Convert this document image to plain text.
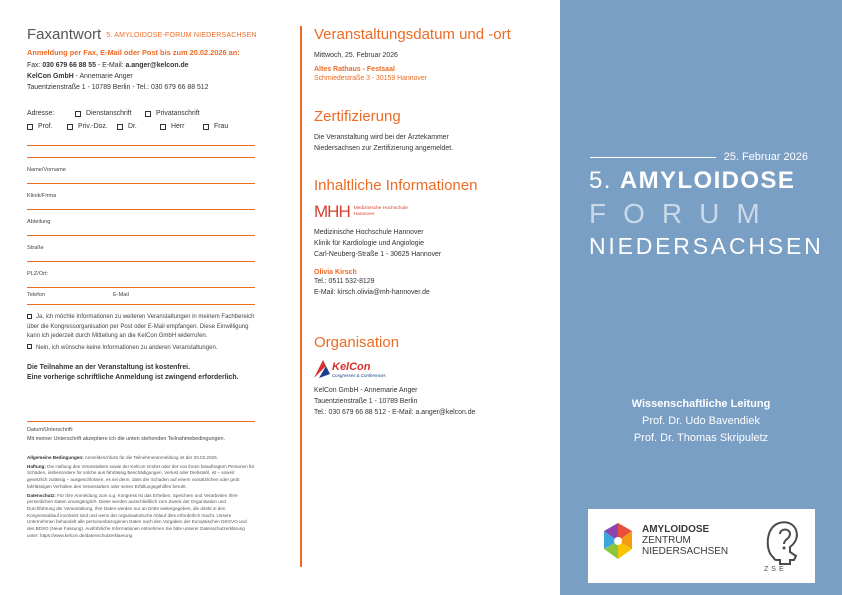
Faxantwort 5. AMYLOIDOSE-FORUM NIEDERSACHSEN
Anmeldung per Fax, E-Mail oder Post bis zum 20.02.2026 an:
Fax: 030 679 66 88 55 - E-Mail: a.anger@kelcon.de
KelCon GmbH - Annemarie Anger
Tauentzienstraße 1 - 10789 Berlin - Tel.: 030 679 66 88 512
Adresse:	Dienstanschrift	Privatanschrift
Prof.	Priv.-Doz.	Dr.	Herr	Frau
Name/Vorname
Klinik/Firma
Abteilung
Straße
PLZ/Ort:
Telefon	E-Mail
Ja, ich möchte Informationen zu weiteren Veranstaltungen in meinem Fachbereich über die Kongressorganisation per Post oder E-Mail empfangen. Diese Einwilligung kann ich jederzeit durch Mitteilung an die KelCon GmbH widerrufen.
Nein, ich wünsche keine Informationen zu anderen Veranstaltungen.
Die Teilnahme an der Veranstaltung ist kostenfrei.
Eine vorherige schriftliche Anmeldung ist zwingend erforderlich.
Datum/Unterschrift:
Mit meiner Unterschrift akzeptiere ich die unten stehenden Teilnahmebedingungen.

Allgemeine Bedingungen: Anmeldeschluss für die Teilnehmeranmeldung ist der 20.02.2026.

Haftung: Die Haftung des Veranstalters sowie der KelCon GmbH oder der von ihnen beauftragten Personen für Schäden, insbesondere für solche aus fahrlässig Beschädigungen, Verlust oder Diebstahl, ist – soweit gesetzlich zulässig – ausgeschlossen, es sei denn, dass der Schaden auf einem vorsätzlichen oder grob fahrlässigen Verhalten des Veranstalters oder seiner Erfüllungsgehilfen beruht.

Datenschutz: Für Ihre Anmeldung zum o.g. Kongress ist das Erheben, Speichern und Verarbeiten Ihrer persönlichen Daten unumgänglich. Diese werden ausschließlich zum Zweck der Organisation und Durchführung der Veranstaltung. Ihre Daten werden nur an Dritte weitergegeben, die direkt in den Kongressablauf involviert sind und wenn der organisatorische Ablauf dies erforderlich macht. Unsere Unternehmen behandelt alle personenbezogenen Daten nach den Vorgaben der Europäischen DSGVO und des BDSG (Neue Fassung). Ausführliche Informationen entnehmen Sie bitte unserer Datenschutzerklärung unter: https://www.kelcon.de/datenschutzerklaerung

Veranstaltungsdatum und -ort
Mittwoch, 25. Februar 2026
Altes Rathaus - Festsaal
Schmiedestraße 3 - 30159 Hannover
Zertifizierung
Die Veranstaltung wird bei der Ärztekammer
Niedersachsen zur Zertifizierung angemeldet.
Inhaltliche Informationen
MHH Medizinische Hochschule
Hannover
Medizinische Hochschule Hannover
Klinik für Kardiologie und Angiologie
Carl-Neuberg-Straße 1 - 30625 Hannover
Olivia Kirsch
Tel.: 0511 532-8129
E-Mail: kirsch.olivia@mh-hannover.de
Organisation
KelCon
Congresses & Conferences
KelCon GmbH - Annemarie Anger
Tauentzienstraße 1 - 10789 Berlin
Tel.: 030 679 66 88 512 - E-Mail: a.anger@kelcon.de
25. Februar 2026
5. AMYLOIDOSE
FORUM
NIEDERSACHSEN
Wissenschaftliche Leitung
Prof. Dr. Udo Bavendiek
Prof. Dr. Thomas Skripuletz
AMYLOIDOSE
ZENTRUM
NIEDERSACHSEN
ZSE
